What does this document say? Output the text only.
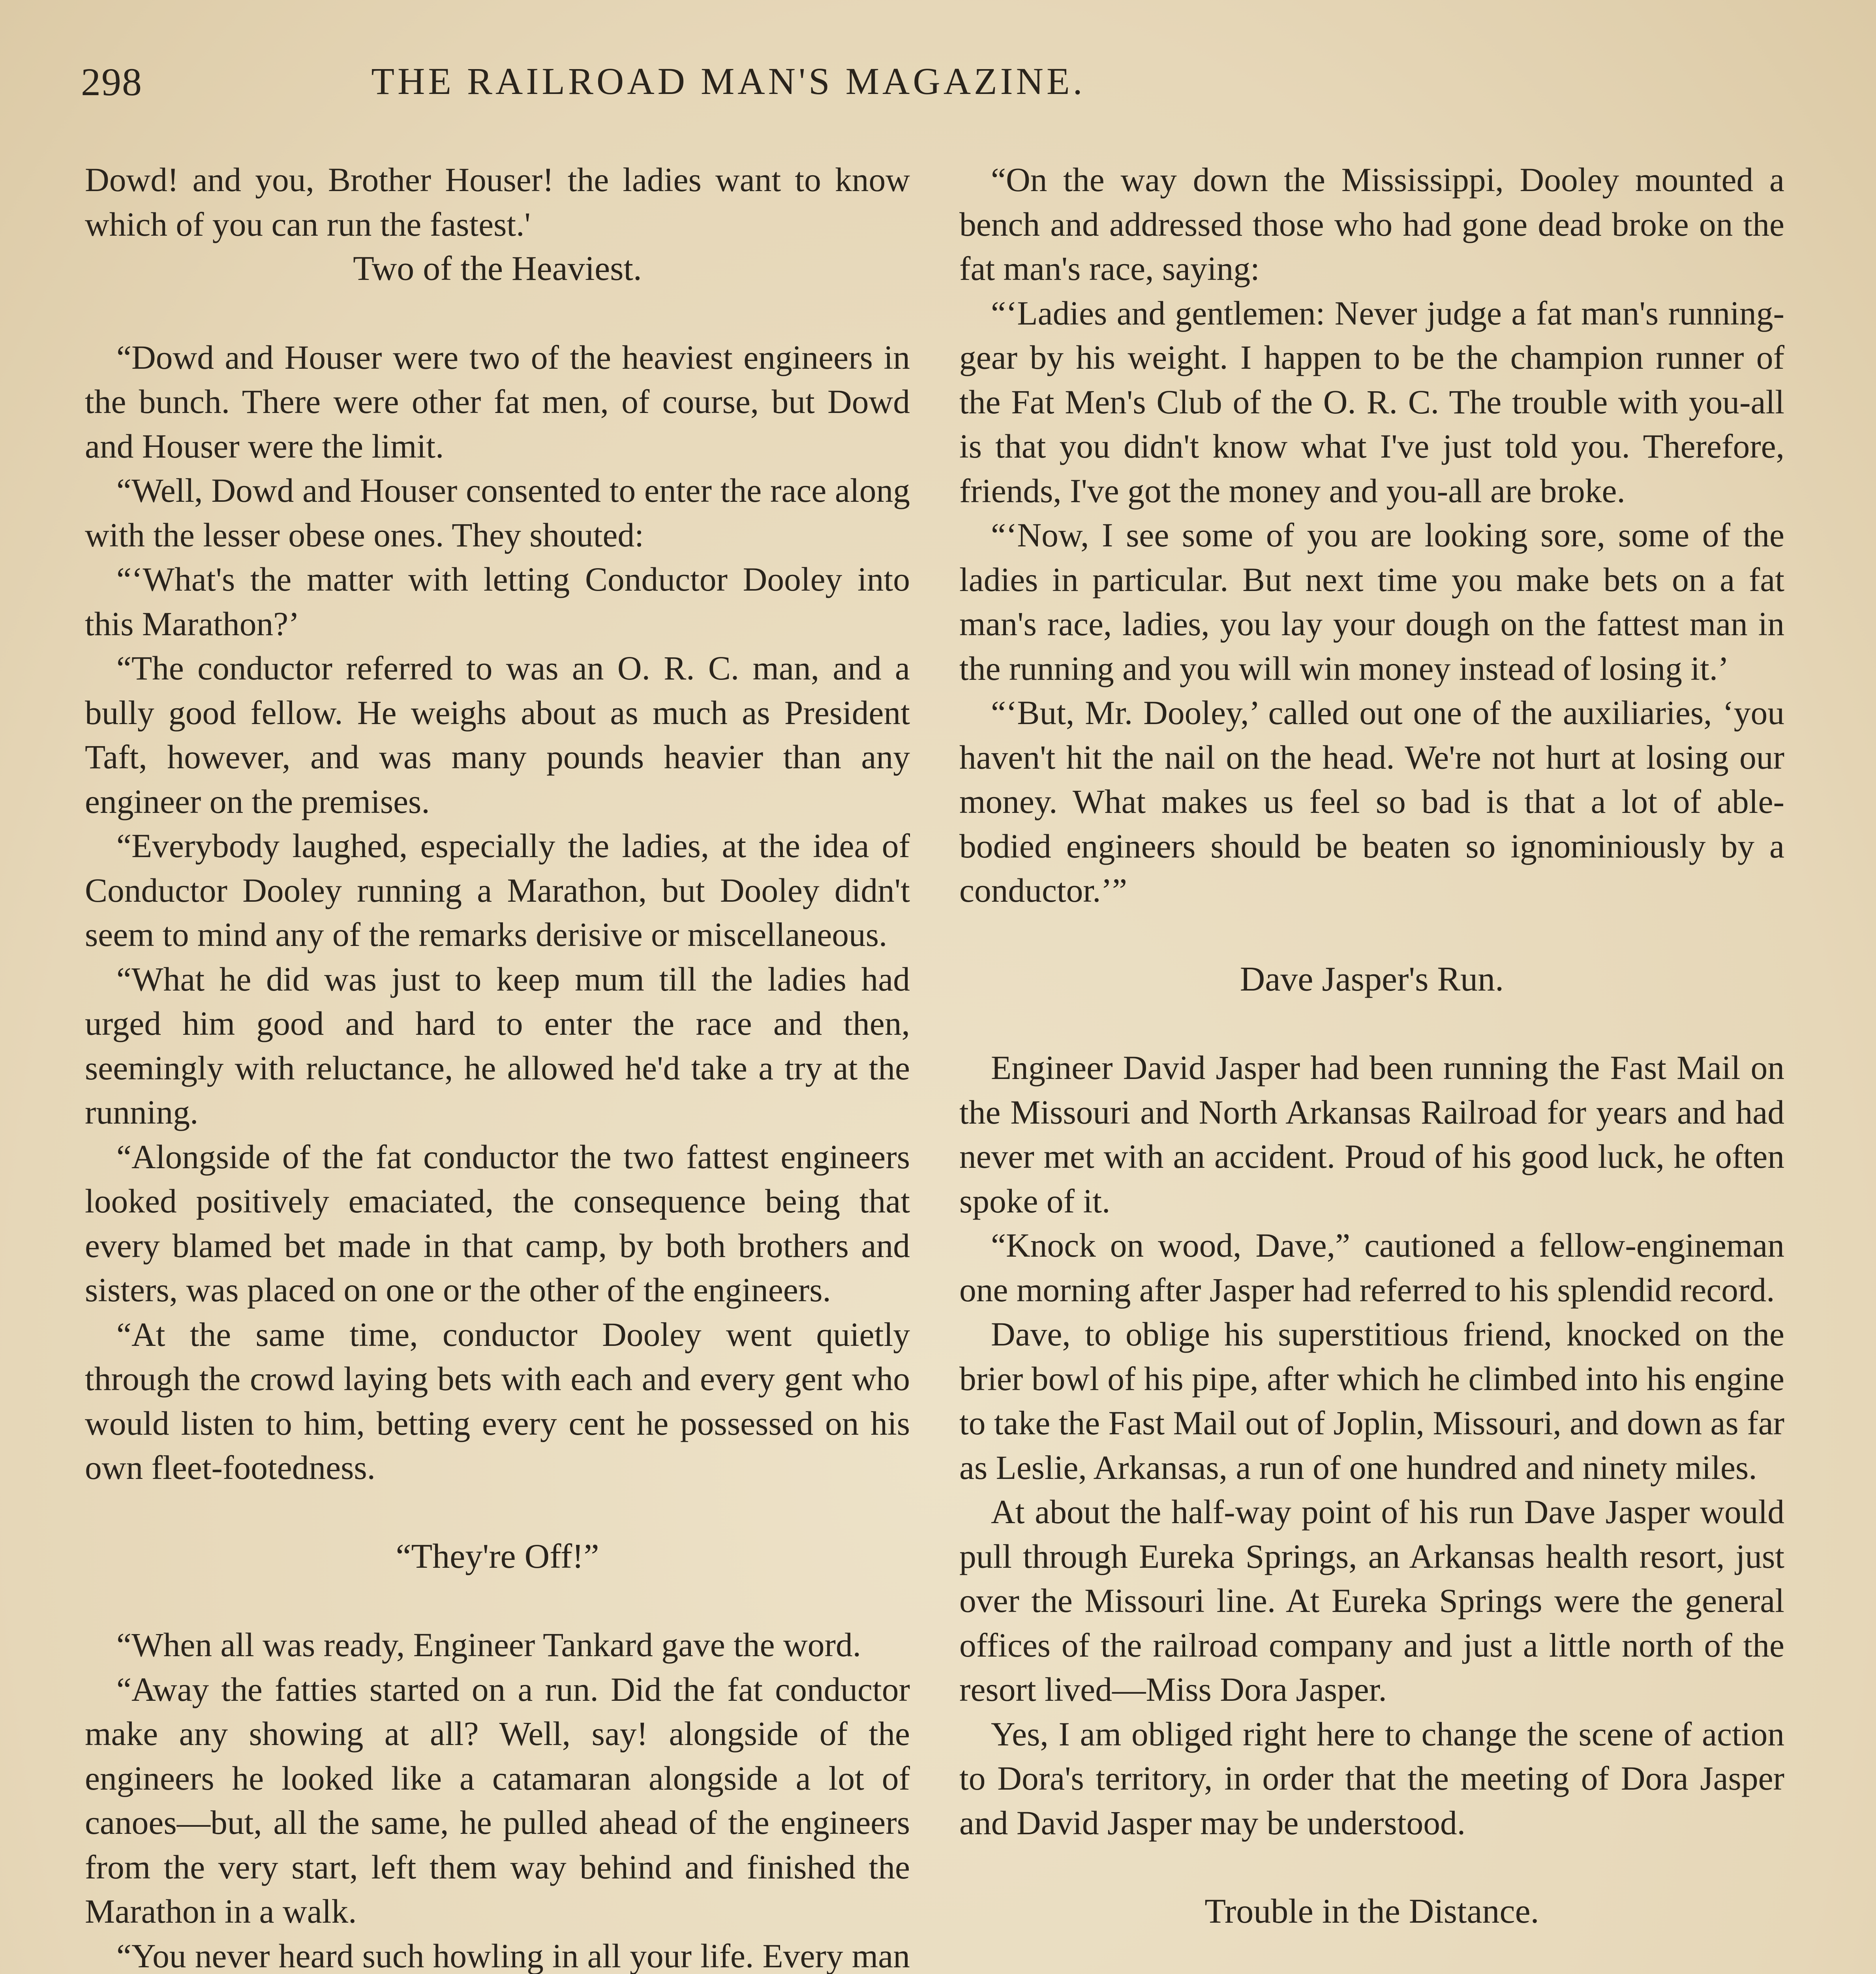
298	THE RAILROAD MAN'S MAGAZINE.

Dowd! and you, Brother Houser! the ladies want to know which of you can run the fastest.'

Two of the Heaviest.

“Dowd and Houser were two of the heaviest engineers in the bunch. There were other fat men, of course, but Dowd and Houser were the limit.

“Well, Dowd and Houser consented to enter the race along with the lesser obese ones. They shouted:

“‘What's the matter with letting Conductor Dooley into this Marathon?’

“The conductor referred to was an O. R. C. man, and a bully good fellow. He weighs about as much as President Taft, however, and was many pounds heavier than any engineer on the premises.

“Everybody laughed, especially the ladies, at the idea of Conductor Dooley running a Marathon, but Dooley didn't seem to mind any of the remarks derisive or miscellaneous.

“What he did was just to keep mum till the ladies had urged him good and hard to enter the race and then, seemingly with reluctance, he allowed he'd take a try at the running.

“Alongside of the fat conductor the two fattest engineers looked positively emaciated, the consequence being that every blamed bet made in that camp, by both brothers and sisters, was placed on one or the other of the engineers.

“At the same time, conductor Dooley went quietly through the crowd laying bets with each and every gent who would listen to him, betting every cent he possessed on his own fleet-footedness.

“They're Off!”

“When all was ready, Engineer Tankard gave the word.

“Away the fatties started on a run. Did the fat conductor make any showing at all? Well, say! alongside of the engineers he looked like a catamaran alongside a lot of canoes—but, all the same, he pulled ahead of the engineers from the very start, left them way behind and finished the Marathon in a walk.

“You never heard such howling in all your life. Every man

“On the way down the Mississippi, Dooley mounted a bench and addressed those who had gone dead broke on the fat man's race, saying:

“‘Ladies and gentlemen: Never judge a fat man's running-gear by his weight. I happen to be the champion runner of the Fat Men's Club of the O. R. C. The trouble with you-all is that you didn't know what I've just told you. Therefore, friends, I've got the money and you-all are broke.

“‘Now, I see some of you are looking sore, some of the ladies in particular. But next time you make bets on a fat man's race, ladies, you lay your dough on the fattest man in the running and you will win money instead of losing it.’

“‘But, Mr. Dooley,’ called out one of the auxiliaries, ‘you haven't hit the nail on the head. We're not hurt at losing our money. What makes us feel so bad is that a lot of able-bodied engineers should be beaten so ignominiously by a conductor.’”

Dave Jasper's Run.

Engineer David Jasper had been running the Fast Mail on the Missouri and North Arkansas Railroad for years and had never met with an accident. Proud of his good luck, he often spoke of it.

“Knock on wood, Dave,” cautioned a fellow-engineman one morning after Jasper had referred to his splendid record.

Dave, to oblige his superstitious friend, knocked on the brier bowl of his pipe, after which he climbed into his engine to take the Fast Mail out of Joplin, Missouri, and down as far as Leslie, Arkansas, a run of one hundred and ninety miles.

At about the half-way point of his run Dave Jasper would pull through Eureka Springs, an Arkansas health resort, just over the Missouri line. At Eureka Springs were the general offices of the railroad company and just a little north of the resort lived—Miss Dora Jasper.

Yes, I am obliged right here to change the scene of action to Dora's territory, in order that the meeting of Dora Jasper and David Jasper may be understood.

Trouble in the Distance.
